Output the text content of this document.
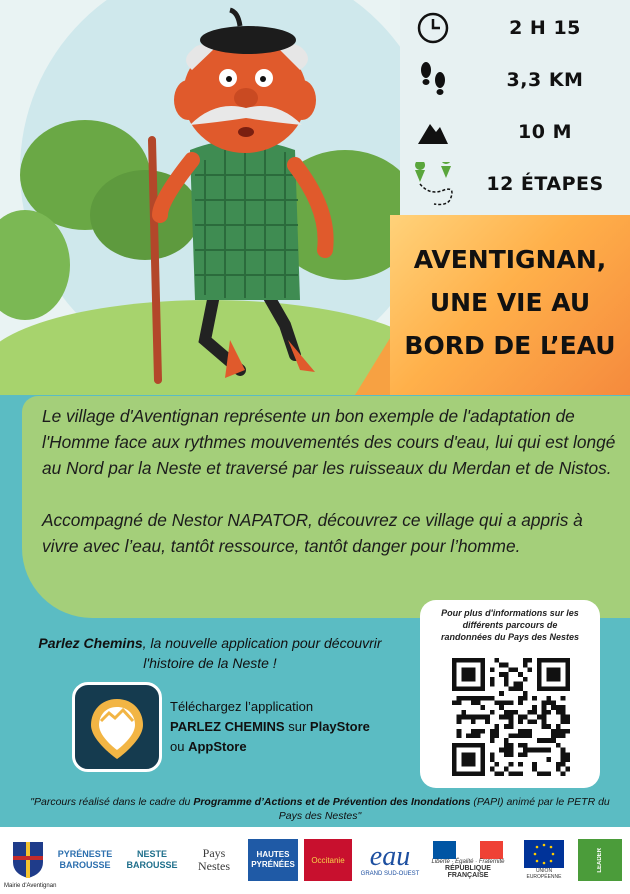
2 H 15
3,3 KM
10 M
12 ÉTAPES
AVENTIGNAN,
UNE VIE AU
BORD DE L’EAU

Le village d'Aventignan représente un bon exemple de l'adaptation de l'Homme face aux rythmes mouvementés des cours d'eau, lui qui est longé au Nord par la Neste et traversé par les ruisseaux du Merdan et de Nistos.

Accompagné de Nestor NAPATOR, découvrez ce village qui a appris à vivre avec l’eau, tantôt ressource, tantôt danger pour l’homme.

Parlez Chemins, la nouvelle application pour découvrir l'histoire de la Neste !
Téléchargez l’application
PARLEZ CHEMINS sur PlayStore
ou AppStore
Pour plus d'informations sur les différents parcours de randonnées du Pays des Nestes
"Parcours réalisé dans le cadre du Programme d’Actions et de Prévention des Inondations (PAPI) animé par le PETR du Pays des Nestes"
Mairie d'Aventignan
PYRÉNESTE BAROUSSE
NESTE BAROUSSE
Pays Nestes
HAUTES PYRÉNÉES	Occitanie eau
GRAND SUD-OUEST
Liberté · Égalité · Fraternité
RÉPUBLIQUE FRANÇAISE
UNION EUROPÉENNE
LEADER
